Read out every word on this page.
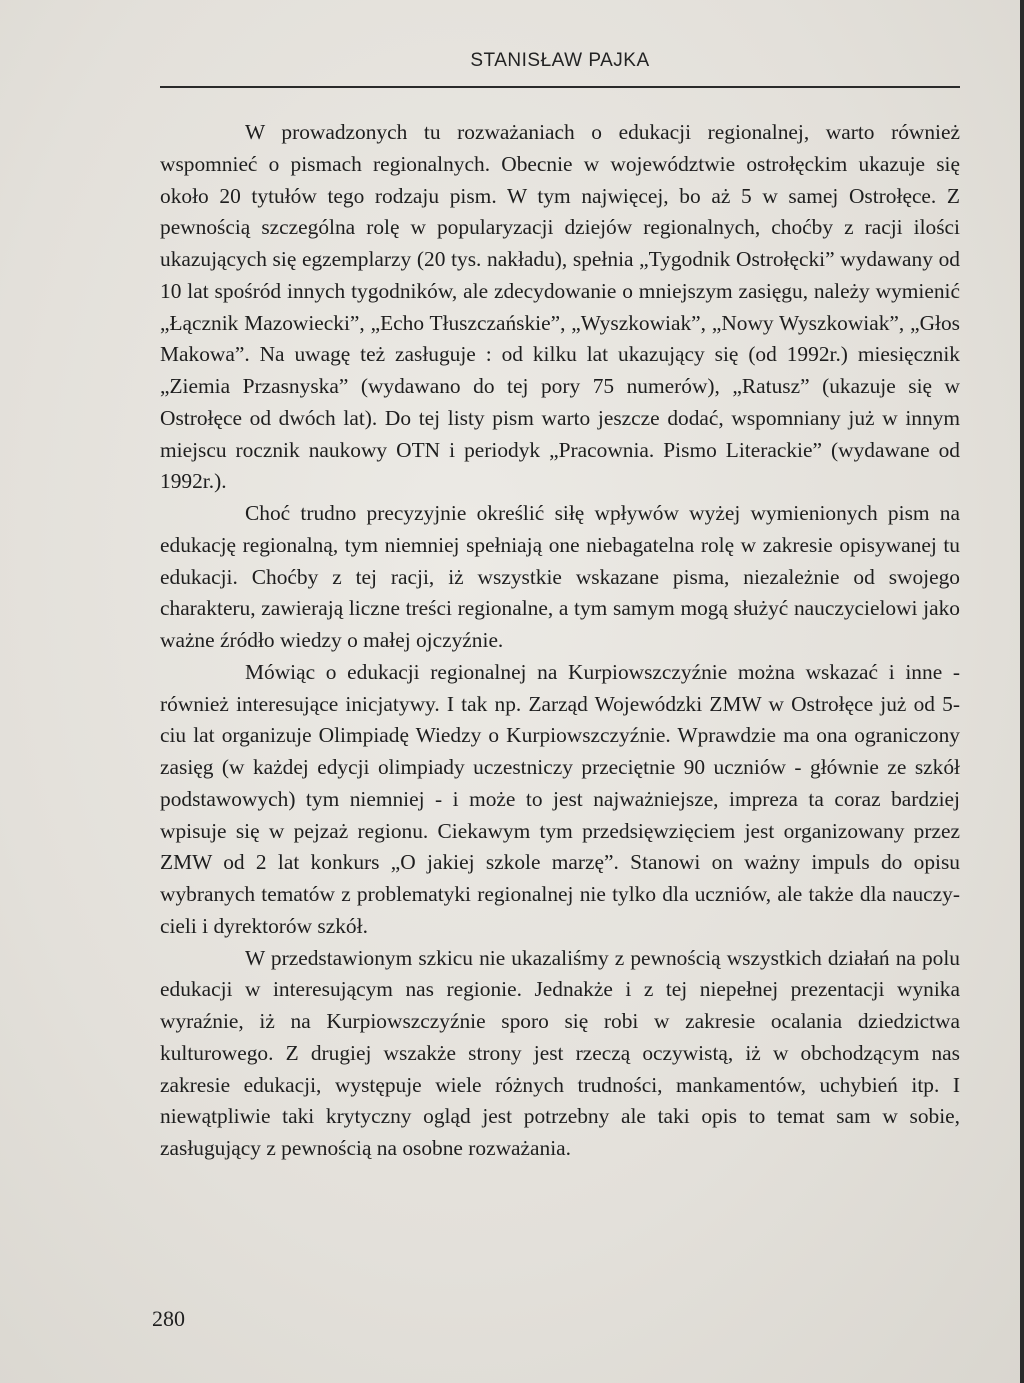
STANISŁAW PAJKA

W prowadzonych tu rozważaniach o edukacji regionalnej, warto również wspomnieć o pismach regionalnych. Obecnie w województwie ostrołęckim ukazuje się około 20 tytułów tego rodzaju pism. W tym najwięcej, bo aż 5 w samej Ostrołęce. Z pewnością szczególna rolę w popularyzacji dziejów regionalnych, choćby z racji ilości ukazujących się egzemplarzy (20 tys. nakładu), spełnia „Tygodnik Ostrołęcki” wydawany od 10 lat spośród innych tygodników, ale zdecydowanie o mniejszym zasięgu, należy wymienić „Łącznik Mazowiecki”, „Echo Tłuszczańskie”, „Wyszkowiak”, „Nowy Wyszkowiak”, „Głos Makowa”. Na uwagę też zasługuje : od kilku lat ukazujący się (od 1992r.) miesięcznik „Ziemia Przasnyska” (wydawano do tej pory 75 numerów), „Ratusz” (ukazuje się w Ostrołęce od dwóch lat). Do tej listy pism warto jeszcze dodać, wspomniany już w innym miejscu rocznik naukowy OTN i periodyk „Pracownia. Pismo Literackie” (wydawane od 1992r.).

Choć trudno precyzyjnie określić siłę wpływów wyżej wymienionych pism na edukację regionalną, tym niemniej spełniają one niebagatelna rolę w zakresie opisywanej tu edukacji. Choćby z tej racji, iż wszystkie wskazane pisma, niezależnie od swojego charakteru, zawierają liczne treści regionalne, a tym samym mogą służyć nauczycielowi jako ważne źródło wiedzy o małej ojczyźnie.

Mówiąc o edukacji regionalnej na Kurpiowszczyźnie można wskazać i inne - również interesujące inicjatywy. I tak np. Zarząd Wojewódzki ZMW w Ostrołęce już od 5-ciu lat organizuje Olimpiadę Wiedzy o Kurpiowszczyźnie. Wprawdzie ma ona ograniczony zasięg (w każdej edycji olimpiady uczestniczy przeciętnie 90 uczniów - głównie ze szkół podstawowych) tym niemniej - i może to jest najważniejsze, impreza ta coraz bardziej wpisuje się w pejzaż regionu. Ciekawym tym przedsięwzięciem jest organizowany przez ZMW od 2 lat konkurs „O jakiej szkole marzę”. Stanowi on ważny impuls do opisu wybranych tematów z problematyki regionalnej nie tylko dla uczniów, ale także dla nauczycieli i dyrektorów szkół.

W przedstawionym szkicu nie ukazaliśmy z pewnością wszystkich działań na polu edukacji w interesującym nas regionie. Jednakże i z tej niepełnej prezentacji wynika wyraźnie, iż na Kurpiowszczyźnie sporo się robi w zakresie ocalania dziedzictwa kulturowego. Z drugiej wszakże strony jest rzeczą oczywistą, iż w obchodzącym nas zakresie edukacji, występuje wiele różnych trudności, mankamentów, uchybień itp. I niewątpliwie taki krytyczny ogląd jest potrzebny ale taki opis to temat sam w sobie, zasługujący z pewnością na osobne rozważania.

280
